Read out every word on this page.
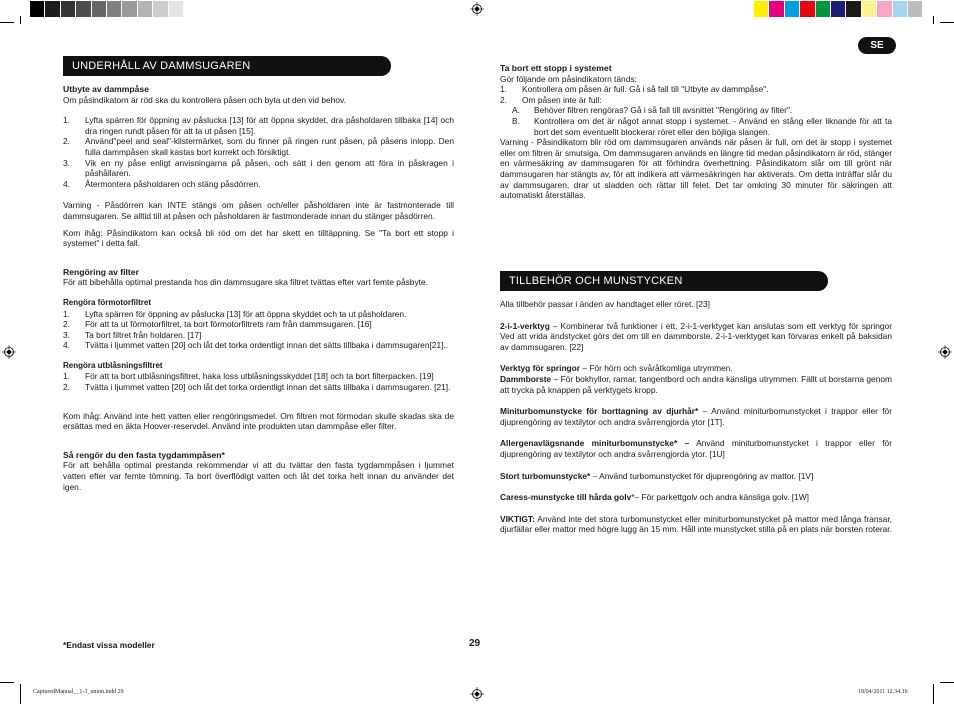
SE
UNDERHÅLL AV DAMMSUGAREN
Utbyte av dammpåse

Om påsindikatorn är röd ska du kontrollera påsen och byta ut den vid behov.

1.	Lyfta spärren för öppning av påslucka [13] för att öppna skyddet, dra påsholdaren tillbaka [14] och dra ringen rundt påsen för att ta ut påsen [15].
2.	Använd"peel and seal"-klistermärket, som du finner på ringen runt påsen, på påsens inlopp. Den fulla dammpåsen skall kastas bort korrekt och försiktigt.
3.	Vik en ny påse enligt anvisningarna på påsen, och sätt i den genom att föra in påskragen i påshållaren.
4.	Återmontera påsholdaren och stäng påsdörren.

Varning - Påsdörren kan INTE stängs om påsen och/eller påsholdaren inte är fastmonterade till dammsugaren. Se alltid till at påsen och påsholdaren är fastmonderade innan du stänger påsdörren.

Kom ihåg: Påsindikatorn kan också bli röd om det har skett en tilltäppning. Se "Ta bort ett stopp i systemet" i detta fall.

Rengöring av filter

För att bibehålla optimal prestanda hos din dammsugare ska filtret tvättas efter vart femte påsbyte.

Rengöra förmotorfiltret
1.	Lyfta spärren för öppning av påslucka [13] för att öppna skyddet och ta ut påsholdaren.
2.	För att ta ut förmotorfiltret, ta bort förmotorfiltrets ram från dammsugaren. [16]
3.	Ta bort filtret från holdaren. [17]
4.	Tvätta i ljummet vatten [20] och låt det torka ordentligt innan det sätts tillbaka i dammsugaren[21]..
Rengöra utblåsningsfiltret
1.	För att ta bort utblåsningsfiltret, haka loss utblåsningsskyddet [18] och ta bort filterpacken. [19]
2.	Tvätta i ljummet vatten [20] och låt det torka ordentligt innan det sätts tillbaka i dammsugaren. [21].

Kom ihåg: Använd inte hett vatten eller rengöringsmedel. Om filtren mot förmodan skulle skadas ska de ersättas med en äkta Hoover-reservdel. Använd inte produkten utan dammpåse eller filter.

Så rengör du den fasta tygdammpåsen*

För att behålla optimal prestanda rekommendar vi att du tvättar den fasta tygdammpåsen i ljummet vatten efter var femte tömning. Ta bort överflödigt vatten och låt det torka helt innan du använder det igen.

Ta bort ett stopp i systemet

Gör följande om påsindikatorn tänds:

1.	Kontrollera om påsen är full. Gå i så fall till "Utbyte av dammpåse".
2.	Om påsen inte är full:
A.	Behöver filtren rengöras? Gå i så fall till avsnittet "Rengöring av filter".
B.	Kontrollera om det är något annat stopp i systemet. - Använd en stång eller liknande för att ta bort det som eventuellt blockerar röret eller den böjliga slangen.

Varning - Påsindikatorn blir röd om dammsugaren används när påsen är full, om det är stopp i systemet eller om filtren är smutsiga. Om dammsugaren används en längre tid medan påsindikatorn är röd, stänger en värmesäkring av dammsugaren för att förhindra överhettning. Påsindikatorn slår om till grönt när dammsugaren har stängts av, för att indikera att värmesäkringen har aktiverats. Om detta inträffar slår du av dammsugaren, drar ut sladden och rättar till felet. Det tar omkring 30 minuter för säkringen att automatiskt återställas.

TILLBEHÖR OCH MUNSTYCKEN

Alla tillbehör passar i änden av handtaget eller röret. [23]

2-i-1-verktyg – Kombinerar två funktioner i ett, 2-i-1-verktyget kan anslutas som ett verktyg för springor Ved att vrida ändstycket görs det om till en dammborste. 2-i-1-verktyget kan förvaras enkelt på baksidan av dammsugaren. [22]

Verktyg för springor – För hörn och svåråtkomliga utrymmen.

Dammborste – För bokhyllor, ramar, tangentbord och andra känsliga utrymmen. Fällt ut borstarna genom att trycka på knappen på verktygets kropp.

Miniturbomunstycke för borttagning av djurhår* – Använd miniturbomunstycket i trappor eller för djuprengöring av textilytor och andra svårrengjorda ytor [1T].

Allergenavlägsnande miniturbomunstycke* – Använd miniturbomunstycket i trappor eller för djuprengöring av textilytor och andra svårrengjorda ytor. [1U]

Stort turbomunstycke* – Använd turbomunstycket för djuprengöring av mattor. [1V]

Caress-munstycke till hårda golv*– För parkettgolv och andra känsliga golv. [1W]

VIKTIGT: Använd inte det stora turbomunstycket eller miniturbomunstycket på mattor med långa fransar, djurfällar eller mattor med högre lugg än 15 mm. Håll inte munstycket stilla på en plats när borsten roterar.

*Endast vissa modeller	29
CapturedManual__1-3_union.indd 29	18/04/2011 12.34.16
